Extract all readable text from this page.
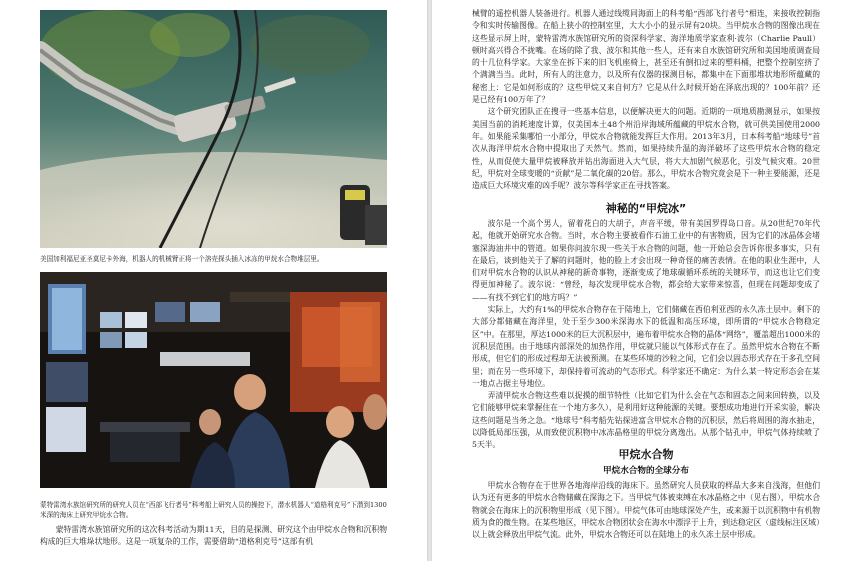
美国加利福尼亚圣莫尼卡外海，机器人的机械臂正将一个溶壳探头插入冰冻的甲烷水合物堆层里。

蒙特雷湾水族馆研究所的研究人员在“西部飞行者号”科考船上研究人员的操控下，潜水机器人“道格利克号”下潜到1300米深的海床上研究甲烷水合物。

蒙特雷湾水族馆研究所的这次科考活动为期11天，目的是探测、研究这个由甲烷水合物和沉积物构成的巨大堆垛状地形。这是一项复杂的工作，需要借助“道格利克号”这部有机

械臂的遥控机器人装备进行。机器人通过线缆同海面上的科考船“西部飞行者号”相连，来接收控制指令和实时传输图像。在船上狭小的控制室里，大大小小的显示屏有20块。当甲烷水合物的图像出现在这些显示屏上时，蒙特雷湾水族馆研究所的资深科学家、海洋地质学家查利·波尔（Charlie Paull）顿时高兴得合不拢嘴。在场的除了我、波尔和其他一些人，还有来自水族馆研究所和美国地质调查局的十几位科学家。大家坐在拆下来的旧飞机座椅上，甚至还有倒扣过来的塑料桶，把整个控制室挤了个满满当当。此时，所有人的注意力，以及所有仪器的探测目标，都集中在下面那堆状地形所蕴藏的秘密上：它是如何形成的？这些甲烷又来自何方？它是从什么时候开始在泽底出现的？100年前？还是已经有100万年了？

这个研究团队正在搜寻一些基本信息，以便解决更大的问题。近期的一项地质勘测显示，如果按美国当前的消耗速度计算，仅美国本土48个州沿岸海域所蕴藏的甲烷水合物，就可供美国使用2000年。如果能采集哪怕一小部分，甲烷水合物就能发挥巨大作用。2013年3月，日本科考船“地球号”首次从海洋甲烷水合物中提取出了天然气。然而，如果持续升温的海洋破坏了这些甲烷水合物的稳定性，从而促使大量甲烷被释放并钻出海面进入大气层，将大大加剧气候恶化，引发气候灾难。20世纪，甲烷对全球变暖的“贡献”是二氧化碳的20倍。那么，甲烷水合物究竟会是下一种主要能源，还是造成巨大环境灾难的凶手呢？波尔等科学家正在寻找答案。

神秘的“甲烷冰”

波尔是一个高个男人，留着花白的大胡子，声音平缓，带有美国罗得岛口音。从20世纪70年代起，他就开始研究水合物。当时，水合物主要被看作石油工业中的有害物质，因为它们的冰晶体会堵塞深海油井中的管道。如果你问波尔现一些关于水合物的问题，他一开始总会告诉你很多事实，只有在最后，谈到他关于了解的问题时，他的脸上才会出现一种奇怪的痛苦表情。在他的职业生涯中，人们对甲烷水合物的认识从神秘的新奇事物，逐渐变成了地球碳循环系统的关键环节，而这也让它们变得更加神秘了。波尔说：“曾经，每次发现甲烷水合物，都会给大家带来惊喜，但现在问题却变成了——有找不到它们的地方吗？”

实际上，大约有1%的甲烷水合物存在于陆地上，它们储藏在西伯利亚西的永久冻土层中。剩下的大部分都储藏在海洋里，处于至少300米深海水下的低温和高压环境，即所谓的“甲烷水合物稳定区”中。在那里，厚达1000米的巨大沉积层中，遍布着甲烷水合物的晶体“网络”，覆盖超出1000米的沉积层范围。由于地球内部深处的加热作用，甲烷就只能以气体形式存在了。虽然甲烷水合物在不断形成，但它们的形成过程却无法被预测。在某些环境的沙粒之间，它们会以固态形式存在于多孔空间里；而在另一些环境下，却保持着可流动的气态形式。科学家还不确定：为什么某一特定形态会在某一地点占据主导地位。

弄清甲烷水合物这些难以捉摸的细节特性（比如它们为什么会在气态和固态之间来回转换，以及它们能够甲烷来掌握住在一个地方多久），是利用好这种能源的关键。要想成功地进行开采实验，解决这些问题是当务之急。“地球号”科考船先钻探进富含甲烷水合物的沉积层，然后将周围的海水抽走，以降低局部压强，从而致使沉积物中冰冻晶格里的甲烷分离逸出。从那个钻孔中，甲烷气体持续喷了5天半。

甲烷水合物
甲烷水合物的全球分布

甲烷水合物存在于世界各地海岸沿线的海床下。虽然研究人员获取的样品大多来自浅海，但他们认为还有更多的甲烷水合物储藏在深海之下。当甲烷气体被束缚在水冰晶格之中（见右图），甲烷水合物就会在海床上的沉积物里形成（见下图）。甲烷气体可由地球深处产生，或来源于以沉积物中有机物质为食的微生物。在某些地区，甲烷水合物团状会在海水中漂浮于上升，到达稳定区（虚线标注区域）以上就会释放出甲烷气流。此外，甲烷水合物还可以在陆地上的永久冻土层中形成。
